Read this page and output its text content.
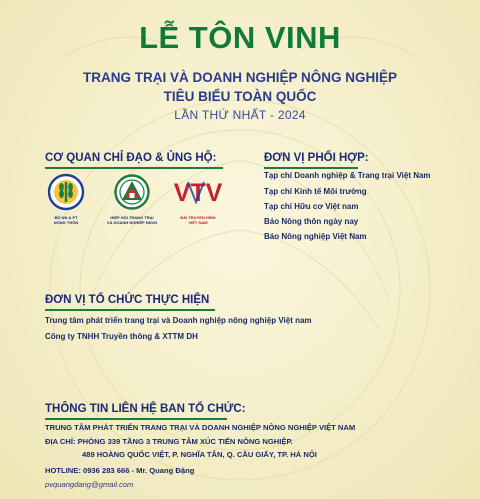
LỄ TÔN VINH
TRANG TRẠI VÀ DOANH NGHIỆP NÔNG NGHIỆP
TIÊU BIỂU TOÀN QUỐC
LẦN THỨ NHẤT - 2024
CƠ QUAN CHỈ ĐẠO & ỦNG HỘ:
BỘ NN & PT
NÔNG THÔN
HIỆP HỘI TRANG TRẠI
VÀ DOANH NGHIỆP NNVN
VTV
ĐÀI TRUYỀN HÌNH
VIỆT NAM
ĐƠN VỊ PHỐI HỢP:
Tạp chí Doanh nghiệp & Trang trại Việt Nam
Tạp chí Kinh tế Môi trường
Tạp chí Hữu cơ Việt nam
Báo Nông thôn ngày nay
Báo Nông nghiệp Việt Nam
ĐƠN VỊ TỔ CHỨC THỰC HIỆN
Trung tâm phát triển trang trại và Doanh nghiệp nông nghiệp Việt nam
Công ty TNHH Truyền thông & XTTM DH
THÔNG TIN LIÊN HỆ BAN TỔ CHỨC:
TRUNG TÂM PHÁT TRIỂN TRANG TRẠI VÀ DOANH NGHIỆP NÔNG NGHIỆP VIỆT NAM
ĐỊA CHỈ: PHÒNG 339 TẦNG 3 TRUNG TÂM XÚC TIẾN NÔNG NGHIỆP.
489 HOÀNG QUỐC VIỆT, P. NGHĨA TÂN, Q. CẦU GIẤY, TP. HÀ NỘI
HOTLINE: 0936 283 666 - Mr. Quang Đặng
pvquangdang@gmail.com
